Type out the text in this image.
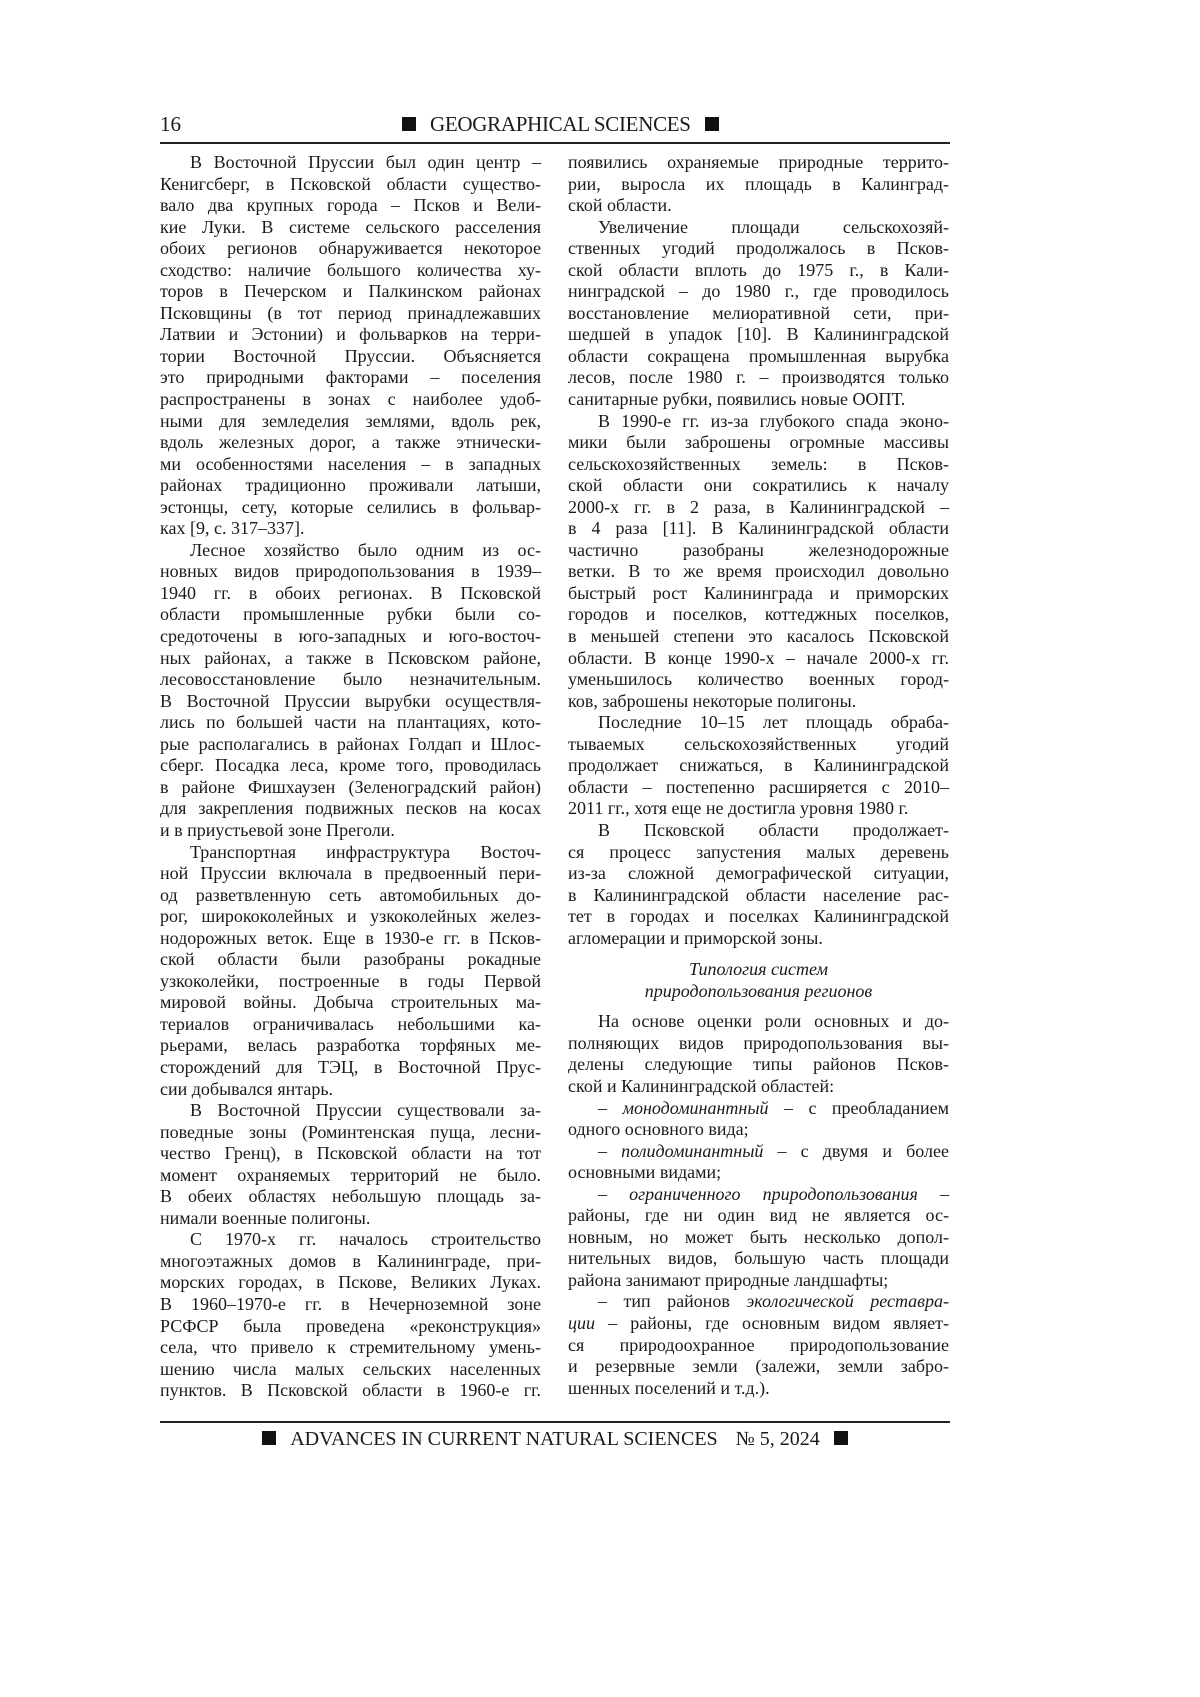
16	GEOGRAPHICAL SCIENCES
В Восточной Пруссии был один центр –
Кенигсберг, в Псковской области существо-
вало два крупных города – Псков и Вели-
кие Луки. В системе сельского расселения
обоих регионов обнаруживается некоторое
сходство: наличие большого количества ху-
торов в Печерском и Палкинском районах
Псковщины (в тот период принадлежавших
Латвии и Эстонии) и фольварков на терри-
тории Восточной Пруссии. Объясняется
это природными факторами – поселения
распространены в зонах с наиболее удоб-
ными для земледелия землями, вдоль рек,
вдоль железных дорог, а также этнически-
ми особенностями населения – в западных
районах традиционно проживали латыши,
эстонцы, сету, которые селились в фольвар-
ках [9, с. 317–337].
Лесное хозяйство было одним из ос-
новных видов природопользования в 1939–
1940 гг. в обоих регионах. В Псковской
области промышленные рубки были со-
средоточены в юго-западных и юго-восточ-
ных районах, а также в Псковском районе,
лесовосстановление было незначительным.
В Восточной Пруссии вырубки осуществля-
лись по большей части на плантациях, кото-
рые располагались в районах Голдап и Шлос-
сберг. Посадка леса, кроме того, проводилась
в районе Фишхаузен (Зеленоградский район)
для закрепления подвижных песков на косах
и в приустьевой зоне Преголи.
Транспортная инфраструктура Восточ-
ной Пруссии включала в предвоенный пери-
од разветвленную сеть автомобильных до-
рог, ширококолейных и узкоколейных желез-
нодорожных веток. Еще в 1930-е гг. в Псков-
ской области были разобраны рокадные
узкоколейки, построенные в годы Первой
мировой войны. Добыча строительных ма-
териалов ограничивалась небольшими ка-
рьерами, велась разработка торфяных ме-
сторождений для ТЭЦ, в Восточной Прус-
сии добывался янтарь.
В Восточной Пруссии существовали за-
поведные зоны (Роминтенская пуща, лесни-
чество Гренц), в Псковской области на тот
момент охраняемых территорий не было.
В обеих областях небольшую площадь за-
нимали военные полигоны.
С 1970-х гг. началось строительство
многоэтажных домов в Калининграде, при-
морских городах, в Пскове, Великих Луках.
В 1960–1970-е гг. в Нечерноземной зоне
РСФСР была проведена «реконструкция»
села, что привело к стремительному умень-
шению числа малых сельских населенных
пунктов. В Псковской области в 1960-е гг.
появились охраняемые природные террито-
рии, выросла их площадь в Калинград-
ской области.
Увеличение площади сельскохозяй-
ственных угодий продолжалось в Псков-
ской области вплоть до 1975 г., в Кали-
нинградской – до 1980 г., где проводилось
восстановление мелиоративной сети, при-
шедшей в упадок [10]. В Калининградской
области сокращена промышленная вырубка
лесов, после 1980 г. – производятся только
санитарные рубки, появились новые ООПТ.
В 1990-е гг. из-за глубокого спада эконо-
мики были заброшены огромные массивы
сельскохозяйственных земель: в Псков-
ской области они сократились к началу
2000-х гг. в 2 раза, в Калининградской –
в 4 раза [11]. В Калининградской области
частично разобраны железнодорожные
ветки. В то же время происходил довольно
быстрый рост Калининграда и приморских
городов и поселков, коттеджных поселков,
в меньшей степени это касалось Псковской
области. В конце 1990-х – начале 2000-х гг.
уменьшилось количество военных город-
ков, заброшены некоторые полигоны.
Последние 10–15 лет площадь обраба-
тываемых сельскохозяйственных угодий
продолжает снижаться, в Калининградской
области – постепенно расширяется с 2010–
2011 гг., хотя еще не достигла уровня 1980 г.
В Псковской области продолжает-
ся процесс запустения малых деревень
из-за сложной демографической ситуации,
в Калининградской области население рас-
тет в городах и поселках Калининградской
агломерации и приморской зоны.
Типология систем
природопользования регионов
На основе оценки роли основных и до-
полняющих видов природопользования вы-
делены следующие типы районов Псков-
ской и Калининградской областей:
– монодоминантный – с преобладанием
одного основного вида;
– полидоминантный – с двумя и более
основными видами;
– ограниченного природопользования –
районы, где ни один вид не является ос-
новным, но может быть несколько допол-
нительных видов, большую часть площади
района занимают природные ландшафты;
– тип районов экологической реставра-
ции – районы, где основным видом являет-
ся природоохранное природопользование
и резервные земли (залежи, земли забро-
шенных поселений и т.д.).
ADVANCES IN CURRENT NATURAL SCIENCES № 5, 2024
